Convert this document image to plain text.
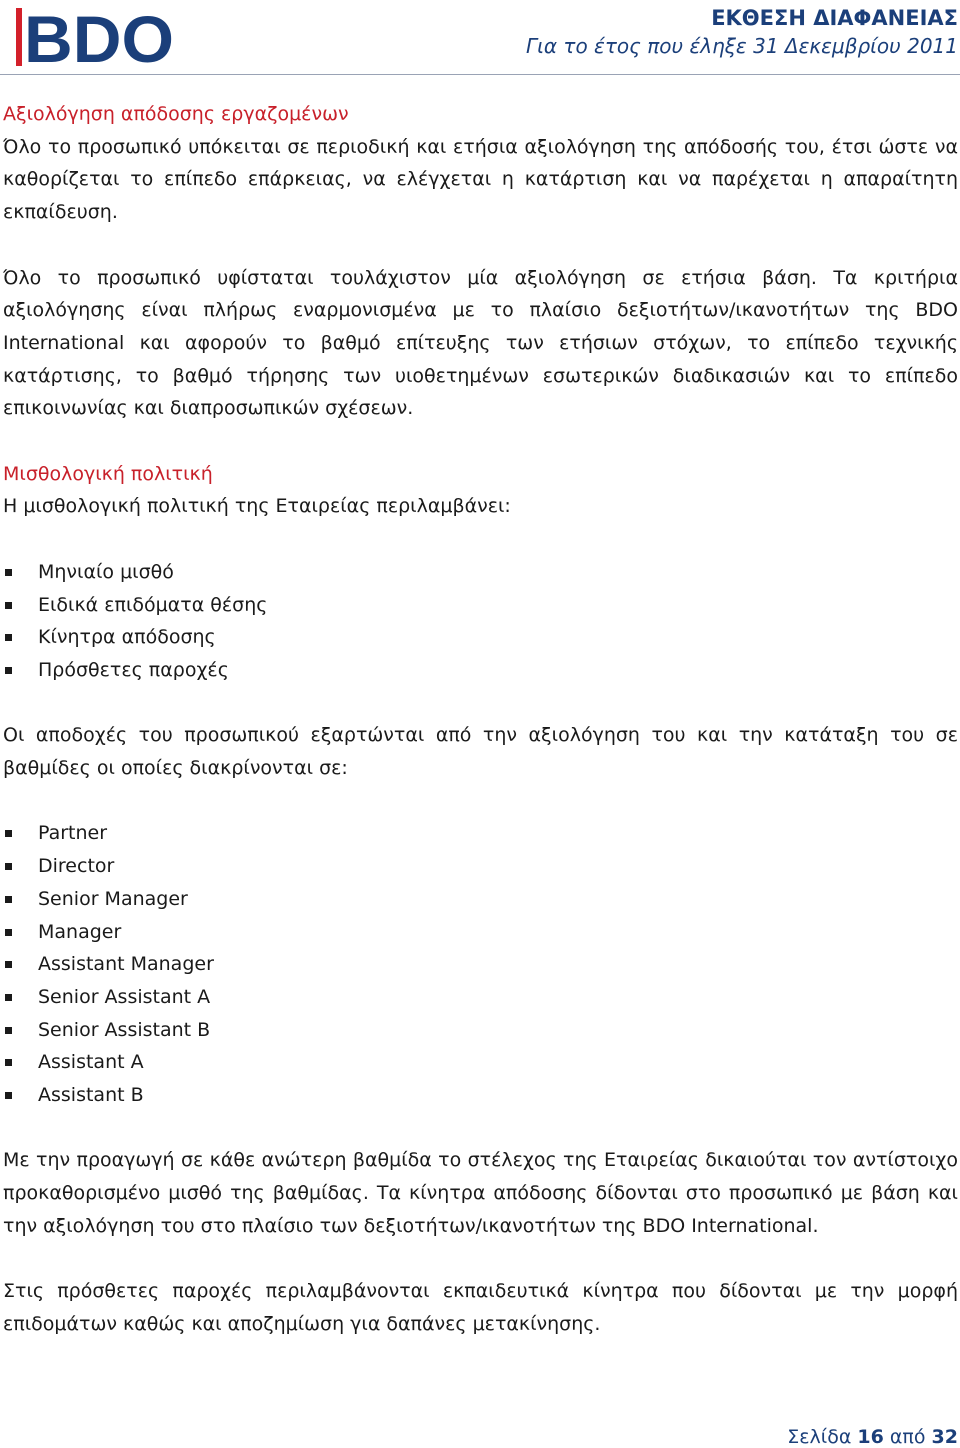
BDO	ΕΚΘΕΣΗ ΔΙΑΦΑΝΕΙΑΣ
Για το έτος που έληξε 31 Δεκεμβρίου 2011

Αξιολόγηση απόδοσης εργαζομένων

Όλο το προσωπικό υπόκειται σε περιοδική και ετήσια αξιολόγηση της απόδοσής του, έτσι ώστε να καθορίζεται το επίπεδο επάρκειας, να ελέγχεται η κατάρτιση και να παρέχεται η απαραίτητη εκπαίδευση.

Όλο το προσωπικό υφίσταται τουλάχιστον μία αξιολόγηση σε ετήσια βάση. Τα κριτήρια αξιολόγησης είναι πλήρως εναρμονισμένα με το πλαίσιο δεξιοτήτων/ικανοτήτων της BDO International και αφορούν το βαθμό επίτευξης των ετήσιων στόχων, το επίπεδο τεχνικής κατάρτισης, το βαθμό τήρησης των υιοθετημένων εσωτερικών διαδικασιών και το επίπεδο επικοινωνίας και διαπροσωπικών σχέσεων.

Μισθολογική πολιτική

Η μισθολογική πολιτική της Εταιρείας περιλαμβάνει:

Μηνιαίο μισθό
Ειδικά επιδόματα θέσης
Κίνητρα απόδοσης
Πρόσθετες παροχές

Οι αποδοχές του προσωπικού εξαρτώνται από την αξιολόγηση του και την κατάταξη του σε βαθμίδες οι οποίες διακρίνονται σε:

Partner
Director
Senior Manager
Manager
Assistant Manager
Senior Assistant A
Senior Assistant B
Assistant A
Assistant B

Με την προαγωγή σε κάθε ανώτερη βαθμίδα το στέλεχος της Εταιρείας δικαιούται τον αντίστοιχο προκαθορισμένο μισθό της βαθμίδας. Τα κίνητρα απόδοσης δίδονται στο προσωπικό με βάση και την αξιολόγηση του στο πλαίσιο των δεξιοτήτων/ικανοτήτων της BDO International.

Στις πρόσθετες παροχές περιλαμβάνονται εκπαιδευτικά κίνητρα που δίδονται με την μορφή επιδομάτων καθώς και αποζημίωση για δαπάνες μετακίνησης.

Σελίδα 16 από 32
